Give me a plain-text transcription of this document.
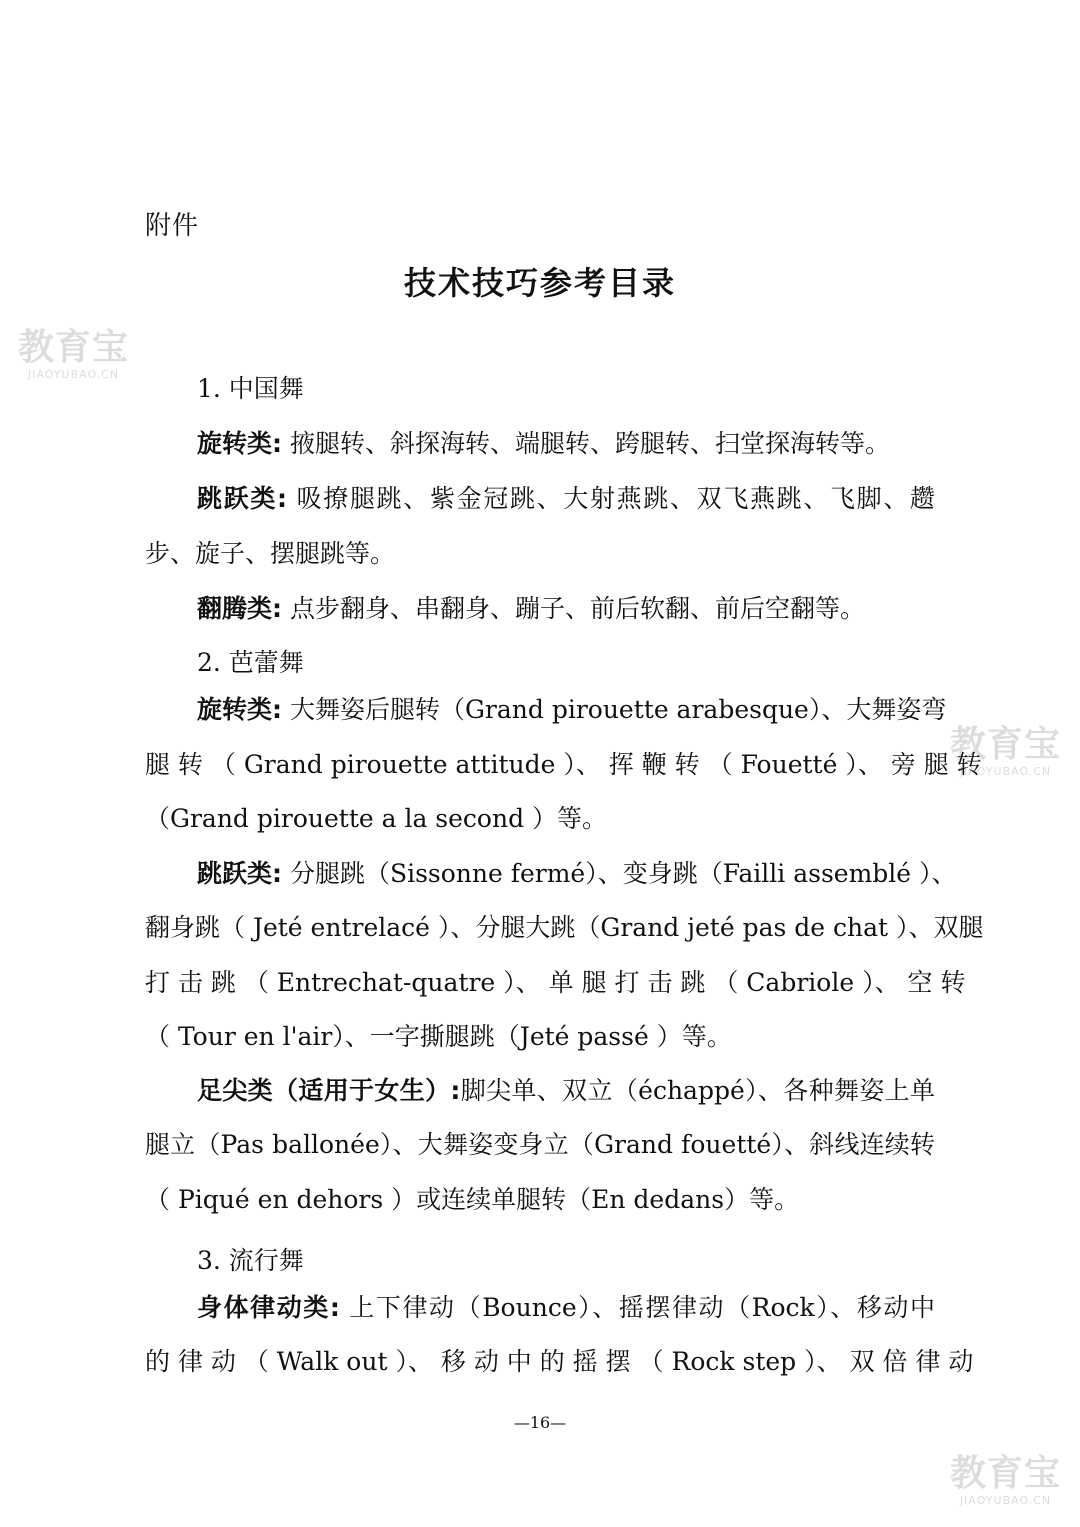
教育宝
JIAOYUBAO.CN
教育宝
JIAOYUBAO.CN
教育宝
JIAOYUBAO.CN
附件
技术技巧参考目录
1. 中国舞
旋转类: 掖腿转、斜探海转、端腿转、跨腿转、扫堂探海转等。
跳跃类: 吸撩腿跳、紫金冠跳、大射燕跳、双飞燕跳、飞脚、趱
步、旋子、摆腿跳等。
翻腾类: 点步翻身、串翻身、蹦子、前后软翻、前后空翻等。
2. 芭蕾舞
旋转类: 大舞姿后腿转（Grand pirouette arabesque）、大舞姿弯
腿 转 （ Grand pirouette attitude ）、 挥 鞭 转 （ Fouetté ）、 旁 腿 转
（Grand pirouette a la second ）等。
跳跃类: 分腿跳（Sissonne fermé）、变身跳（Failli assemblé ）、
翻身跳（ Jeté entrelacé ）、分腿大跳（Grand jeté pas de chat ）、双腿
打 击 跳 （ Entrechat-quatre ）、 单 腿 打 击 跳 （ Cabriole ）、 空 转
（ Tour en l'air）、一字撕腿跳（Jeté passé ）等。
足尖类（适用于女生）:脚尖单、双立（échappé）、各种舞姿上单
腿立（Pas ballonée）、大舞姿变身立（Grand fouetté）、斜线连续转
（ Piqué en dehors ）或连续单腿转（En dedans）等。
3. 流行舞
身体律动类: 上下律动（Bounce）、摇摆律动（Rock）、移动中
的 律 动 （ Walk out ）、 移 动 中 的 摇 摆 （ Rock step ）、 双 倍 律 动
—16—
